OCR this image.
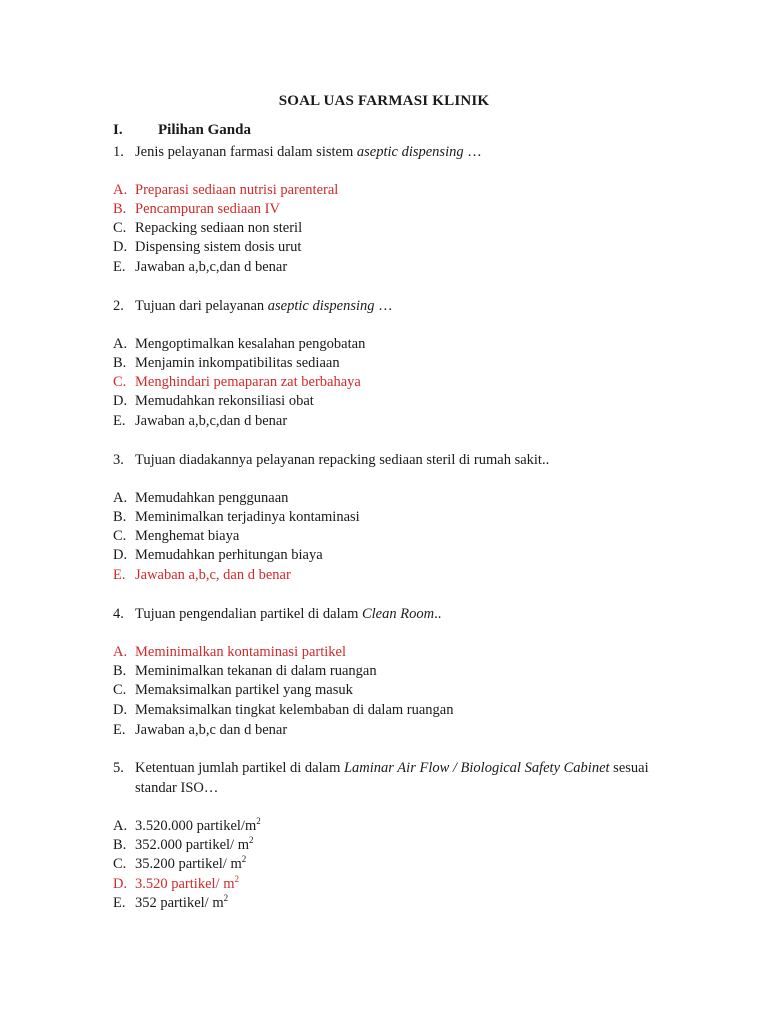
SOAL UAS FARMASI KLINIK
I. Pilihan Ganda
1. Jenis pelayanan farmasi dalam sistem aseptic dispensing …
A. Preparasi sediaan nutrisi parenteral
B. Pencampuran sediaan IV
C. Repacking sediaan non steril
D. Dispensing sistem dosis urut
E. Jawaban a,b,c,dan d benar
2. Tujuan dari pelayanan aseptic dispensing …
A. Mengoptimalkan kesalahan pengobatan
B. Menjamin inkompatibilitas sediaan
C. Menghindari pemaparan zat berbahaya
D. Memudahkan rekonsiliasi obat
E. Jawaban a,b,c,dan d benar
3. Tujuan diadakannya pelayanan repacking sediaan steril di rumah sakit..
A. Memudahkan penggunaan
B. Meminimalkan terjadinya kontaminasi
C. Menghemat biaya
D. Memudahkan perhitungan biaya
E. Jawaban a,b,c, dan d benar
4. Tujuan pengendalian partikel di dalam Clean Room..
A. Meminimalkan kontaminasi partikel
B. Meminimalkan tekanan di dalam ruangan
C. Memaksimalkan partikel yang masuk
D. Memaksimalkan tingkat kelembaban di dalam ruangan
E. Jawaban a,b,c dan d benar
5. Ketentuan jumlah partikel di dalam Laminar Air Flow / Biological Safety Cabinet sesuai
standar ISO…
A. 3.520.000 partikel/$m^2$
B. 352.000 partikel/ $m^2$
C. 35.200 partikel/ $m^2$
D. 3.520 partikel/ $m^2$
E. 352 partikel/ $m^2$
